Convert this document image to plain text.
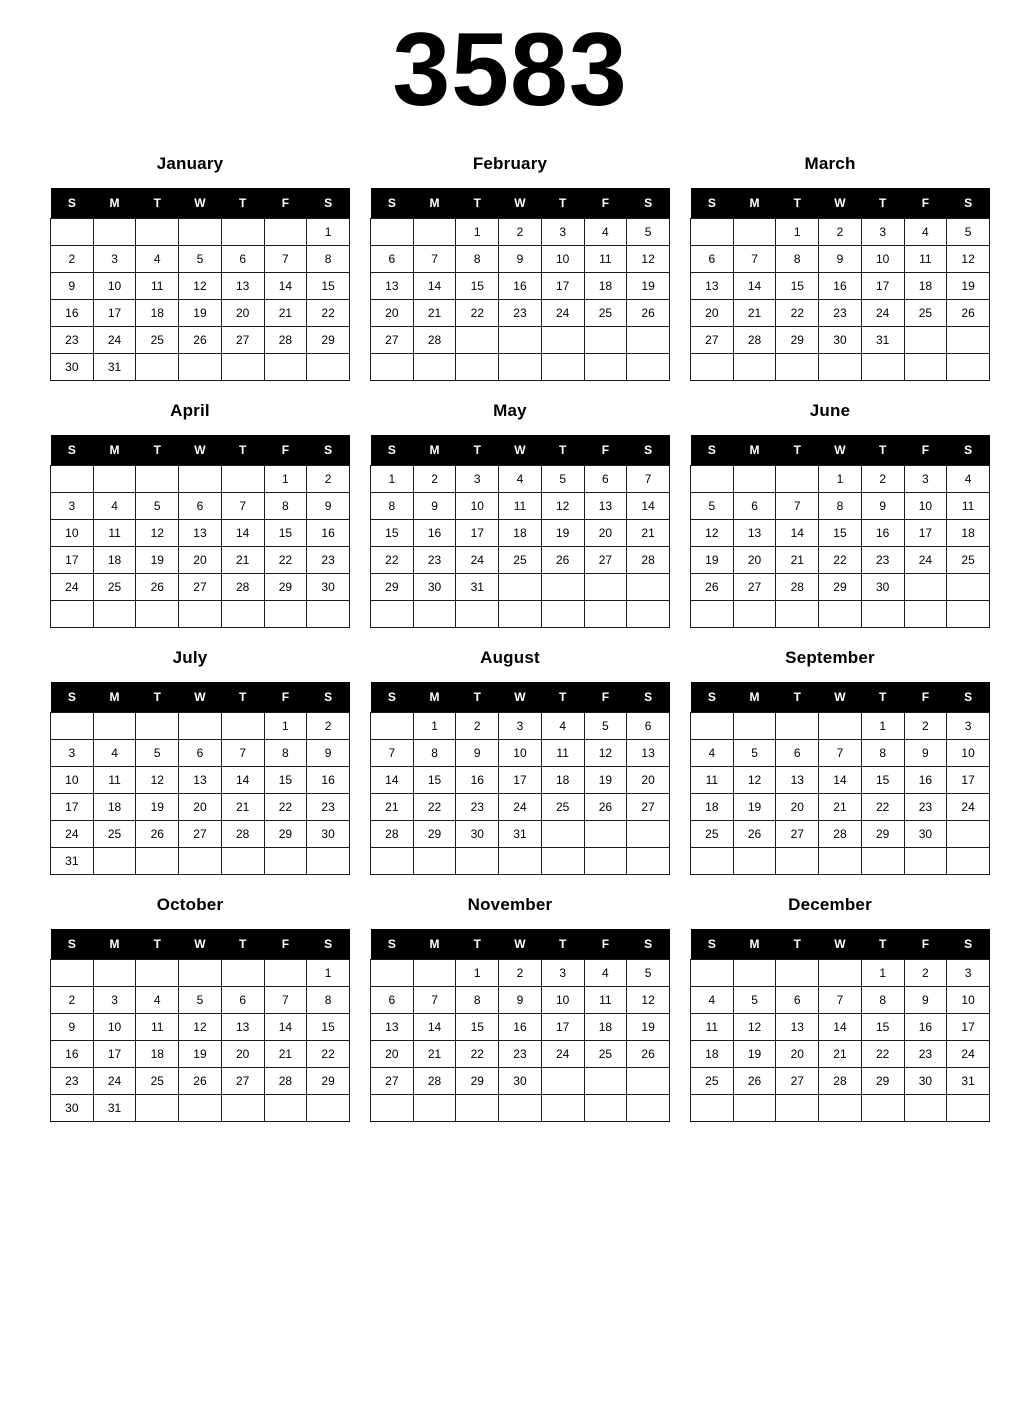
3583
January
S	M	T	W	T	F	S
						1
2	3	4	5	6	7	8
9	10	11	12	13	14	15
16	17	18	19	20	21	22
23	24	25	26	27	28	29
30	31					
February
S	M	T	W	T	F	S
		1	2	3	4	5
6	7	8	9	10	11	12
13	14	15	16	17	18	19
20	21	22	23	24	25	26
27	28					

March
S	M	T	W	T	F	S
		1	2	3	4	5
6	7	8	9	10	11	12
13	14	15	16	17	18	19
20	21	22	23	24	25	26
27	28	29	30	31		

April
S	M	T	W	T	F	S
					1	2
3	4	5	6	7	8	9
10	11	12	13	14	15	16
17	18	19	20	21	22	23
24	25	26	27	28	29	30

May
S	M	T	W	T	F	S
1	2	3	4	5	6	7
8	9	10	11	12	13	14
15	16	17	18	19	20	21
22	23	24	25	26	27	28
29	30	31				

June
S	M	T	W	T	F	S
			1	2	3	4
5	6	7	8	9	10	11
12	13	14	15	16	17	18
19	20	21	22	23	24	25
26	27	28	29	30		

July
S	M	T	W	T	F	S
					1	2
3	4	5	6	7	8	9
10	11	12	13	14	15	16
17	18	19	20	21	22	23
24	25	26	27	28	29	30
31						
August
S	M	T	W	T	F	S
	1	2	3	4	5	6
7	8	9	10	11	12	13
14	15	16	17	18	19	20
21	22	23	24	25	26	27
28	29	30	31			

September
S	M	T	W	T	F	S
				1	2	3
4	5	6	7	8	9	10
11	12	13	14	15	16	17
18	19	20	21	22	23	24
25	26	27	28	29	30	

October
S	M	T	W	T	F	S
						1
2	3	4	5	6	7	8
9	10	11	12	13	14	15
16	17	18	19	20	21	22
23	24	25	26	27	28	29
30	31					
November
S	M	T	W	T	F	S
		1	2	3	4	5
6	7	8	9	10	11	12
13	14	15	16	17	18	19
20	21	22	23	24	25	26
27	28	29	30			

December
S	M	T	W	T	F	S
				1	2	3
4	5	6	7	8	9	10
11	12	13	14	15	16	17
18	19	20	21	22	23	24
25	26	27	28	29	30	31
